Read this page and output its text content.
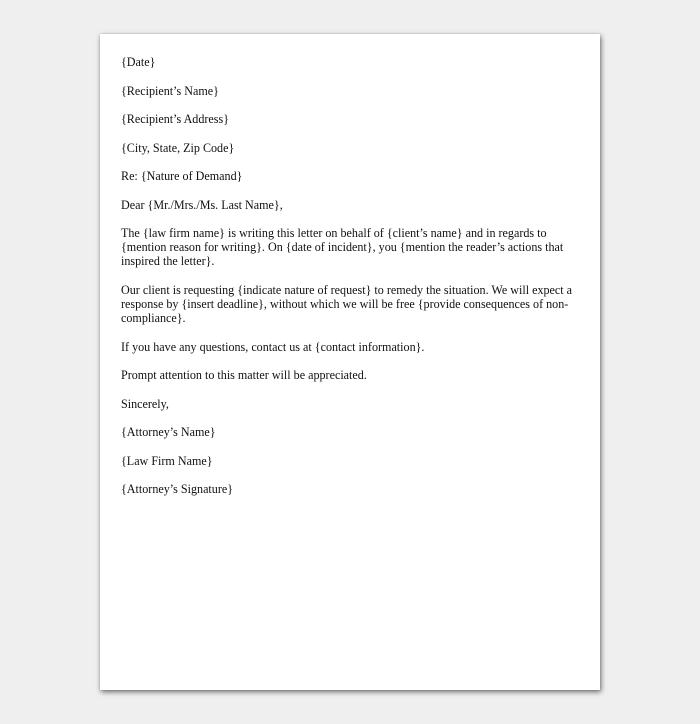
{Date}

{Recipient’s Name}

{Recipient’s Address}

{City, State, Zip Code}

Re: {Nature of Demand}

Dear {Mr./Mrs./Ms. Last Name},

The {law firm name} is writing this letter on behalf of {client’s name} and in regards to {mention reason for writing}. On {date of incident}, you {mention the reader’s actions that inspired the letter}.

Our client is requesting {indicate nature of request} to remedy the situation. We will expect a response by {insert deadline}, without which we will be free {provide consequences of non-compliance}.

If you have any questions, contact us at {contact information}.

Prompt attention to this matter will be appreciated.

Sincerely,

{Attorney’s Name}

{Law Firm Name}

{Attorney’s Signature}
